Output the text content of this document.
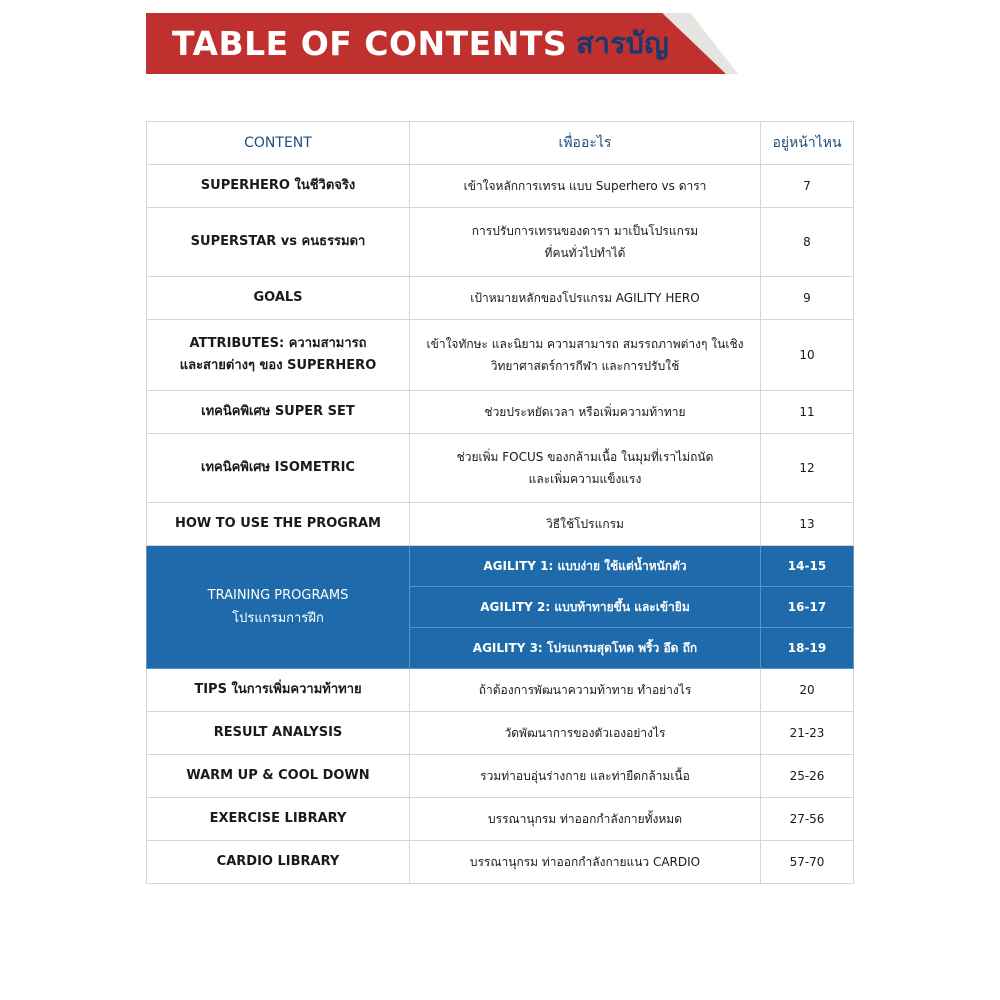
TABLE OF CONTENTS สารบัญ
CONTENT	เพื่ออะไร	อยู่หน้าไหน

SUPERHERO ในชีวิตจริง	เข้าใจหลักการเทรน แบบ Superhero vs ดารา	7

SUPERSTAR vs คนธรรมดา	การปรับการเทรนของดารา มาเป็นโปรแกรม
ที่คนทั่วไปทำได้	8

GOALS	เป้าหมายหลักของโปรแกรม AGILITY HERO	9

ATTRIBUTES: ความสามารถ
และสายต่างๆ ของ SUPERHERO	เข้าใจทักษะ และนิยาม ความสามารถ สมรรถภาพต่างๆ ในเชิง
วิทยาศาสตร์การกีฬา และการปรับใช้	10

เทคนิคพิเศษ SUPER SET	ช่วยประหยัดเวลา หรือเพิ่มความท้าทาย	11

เทคนิคพิเศษ ISOMETRIC	ช่วยเพิ่ม FOCUS ของกล้ามเนื้อ ในมุมที่เราไม่ถนัด
และเพิ่มความแข็งแรง	12

HOW TO USE THE PROGRAM	วิธีใช้โปรแกรม	13

TRAINING PROGRAMS
โปรแกรมการฝึก	AGILITY 1: แบบง่าย ใช้แต่น้ำหนักตัว	14-15
	AGILITY 2: แบบท้าทายขึ้น และเข้ายิม	16-17
	AGILITY 3: โปรแกรมสุดโหด พริ้ว อึด ถึก	18-19
TIPS ในการเพิ่มความท้าทาย	ถ้าต้องการพัฒนาความท้าทาย ทำอย่างไร	20
RESULT ANALYSIS	วัดพัฒนาการของตัวเองอย่างไร	21-23
WARM UP & COOL DOWN	รวมท่าอบอุ่นร่างกาย และท่ายืดกล้ามเนื้อ	25-26
EXERCISE LIBRARY	บรรณานุกรม ท่าออกกำลังกายทั้งหมด	27-56
CARDIO LIBRARY	บรรณานุกรม ท่าออกกำลังกายแนว CARDIO	57-70
